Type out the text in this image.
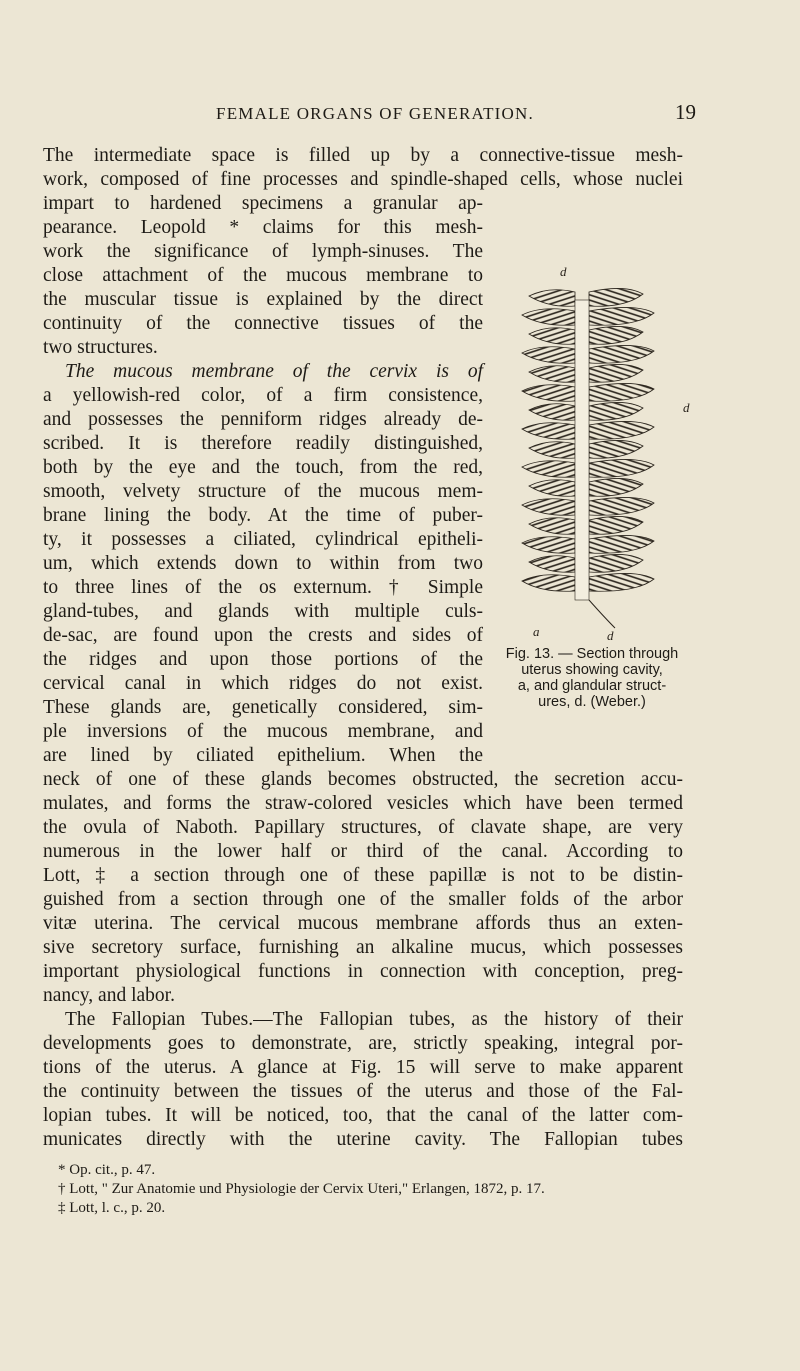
FEMALE ORGANS OF GENERATION.	19
The intermediate space is filled up by a connective-tissue mesh-
work, composed of fine processes and spindle-shaped cells, whose nuclei
impart to hardened specimens a granular ap-
pearance. Leopold * claims for this mesh-
work the significance of lymph-sinuses. The
close attachment of the mucous membrane to
the muscular tissue is explained by the direct
continuity of the connective tissues of the
two structures.
The mucous membrane of the cervix is of
a yellowish-red color, of a firm consistence,
and possesses the penniform ridges already de-
scribed. It is therefore readily distinguished,
both by the eye and the touch, from the red,
smooth, velvety structure of the mucous mem-
brane lining the body. At the time of puber-
ty, it possesses a ciliated, cylindrical epitheli-
um, which extends down to within from two
to three lines of the os externum. † Simple
gland-tubes, and glands with multiple culs-
de-sac, are found upon the crests and sides of
the ridges and upon those portions of the
cervical canal in which ridges do not exist.
These glands are, genetically considered, sim-
ple inversions of the mucous membrane, and
are lined by ciliated epithelium. When the
neck of one of these glands becomes obstructed, the secretion accu-
mulates, and forms the straw-colored vesicles which have been termed
the ovula of Naboth. Papillary structures, of clavate shape, are very
numerous in the lower half or third of the canal. According to
Lott, ‡ a section through one of these papillæ is not to be distin-
guished from a section through one of the smaller folds of the arbor
vitæ uterina. The cervical mucous membrane affords thus an exten-
sive secretory surface, furnishing an alkaline mucus, which possesses
important physiological functions in connection with conception, preg-
nancy, and labor.
The Fallopian Tubes.—The Fallopian tubes, as the history of their
developments goes to demonstrate, are, strictly speaking, integral por-
tions of the uterus. A glance at Fig. 15 will serve to make apparent
the continuity between the tissues of the uterus and those of the Fal-
lopian tubes. It will be noticed, too, that the canal of the latter com-
municates directly with the uterine cavity. The Fallopian tubes
d
d
a	d
Fig. 13. — Section through
uterus showing cavity,
a, and glandular struct-
ures, d. (Weber.)
* Op. cit., p. 47.
† Lott, " Zur Anatomie und Physiologie der Cervix Uteri," Erlangen, 1872, p. 17.
‡ Lott, l. c., p. 20.
